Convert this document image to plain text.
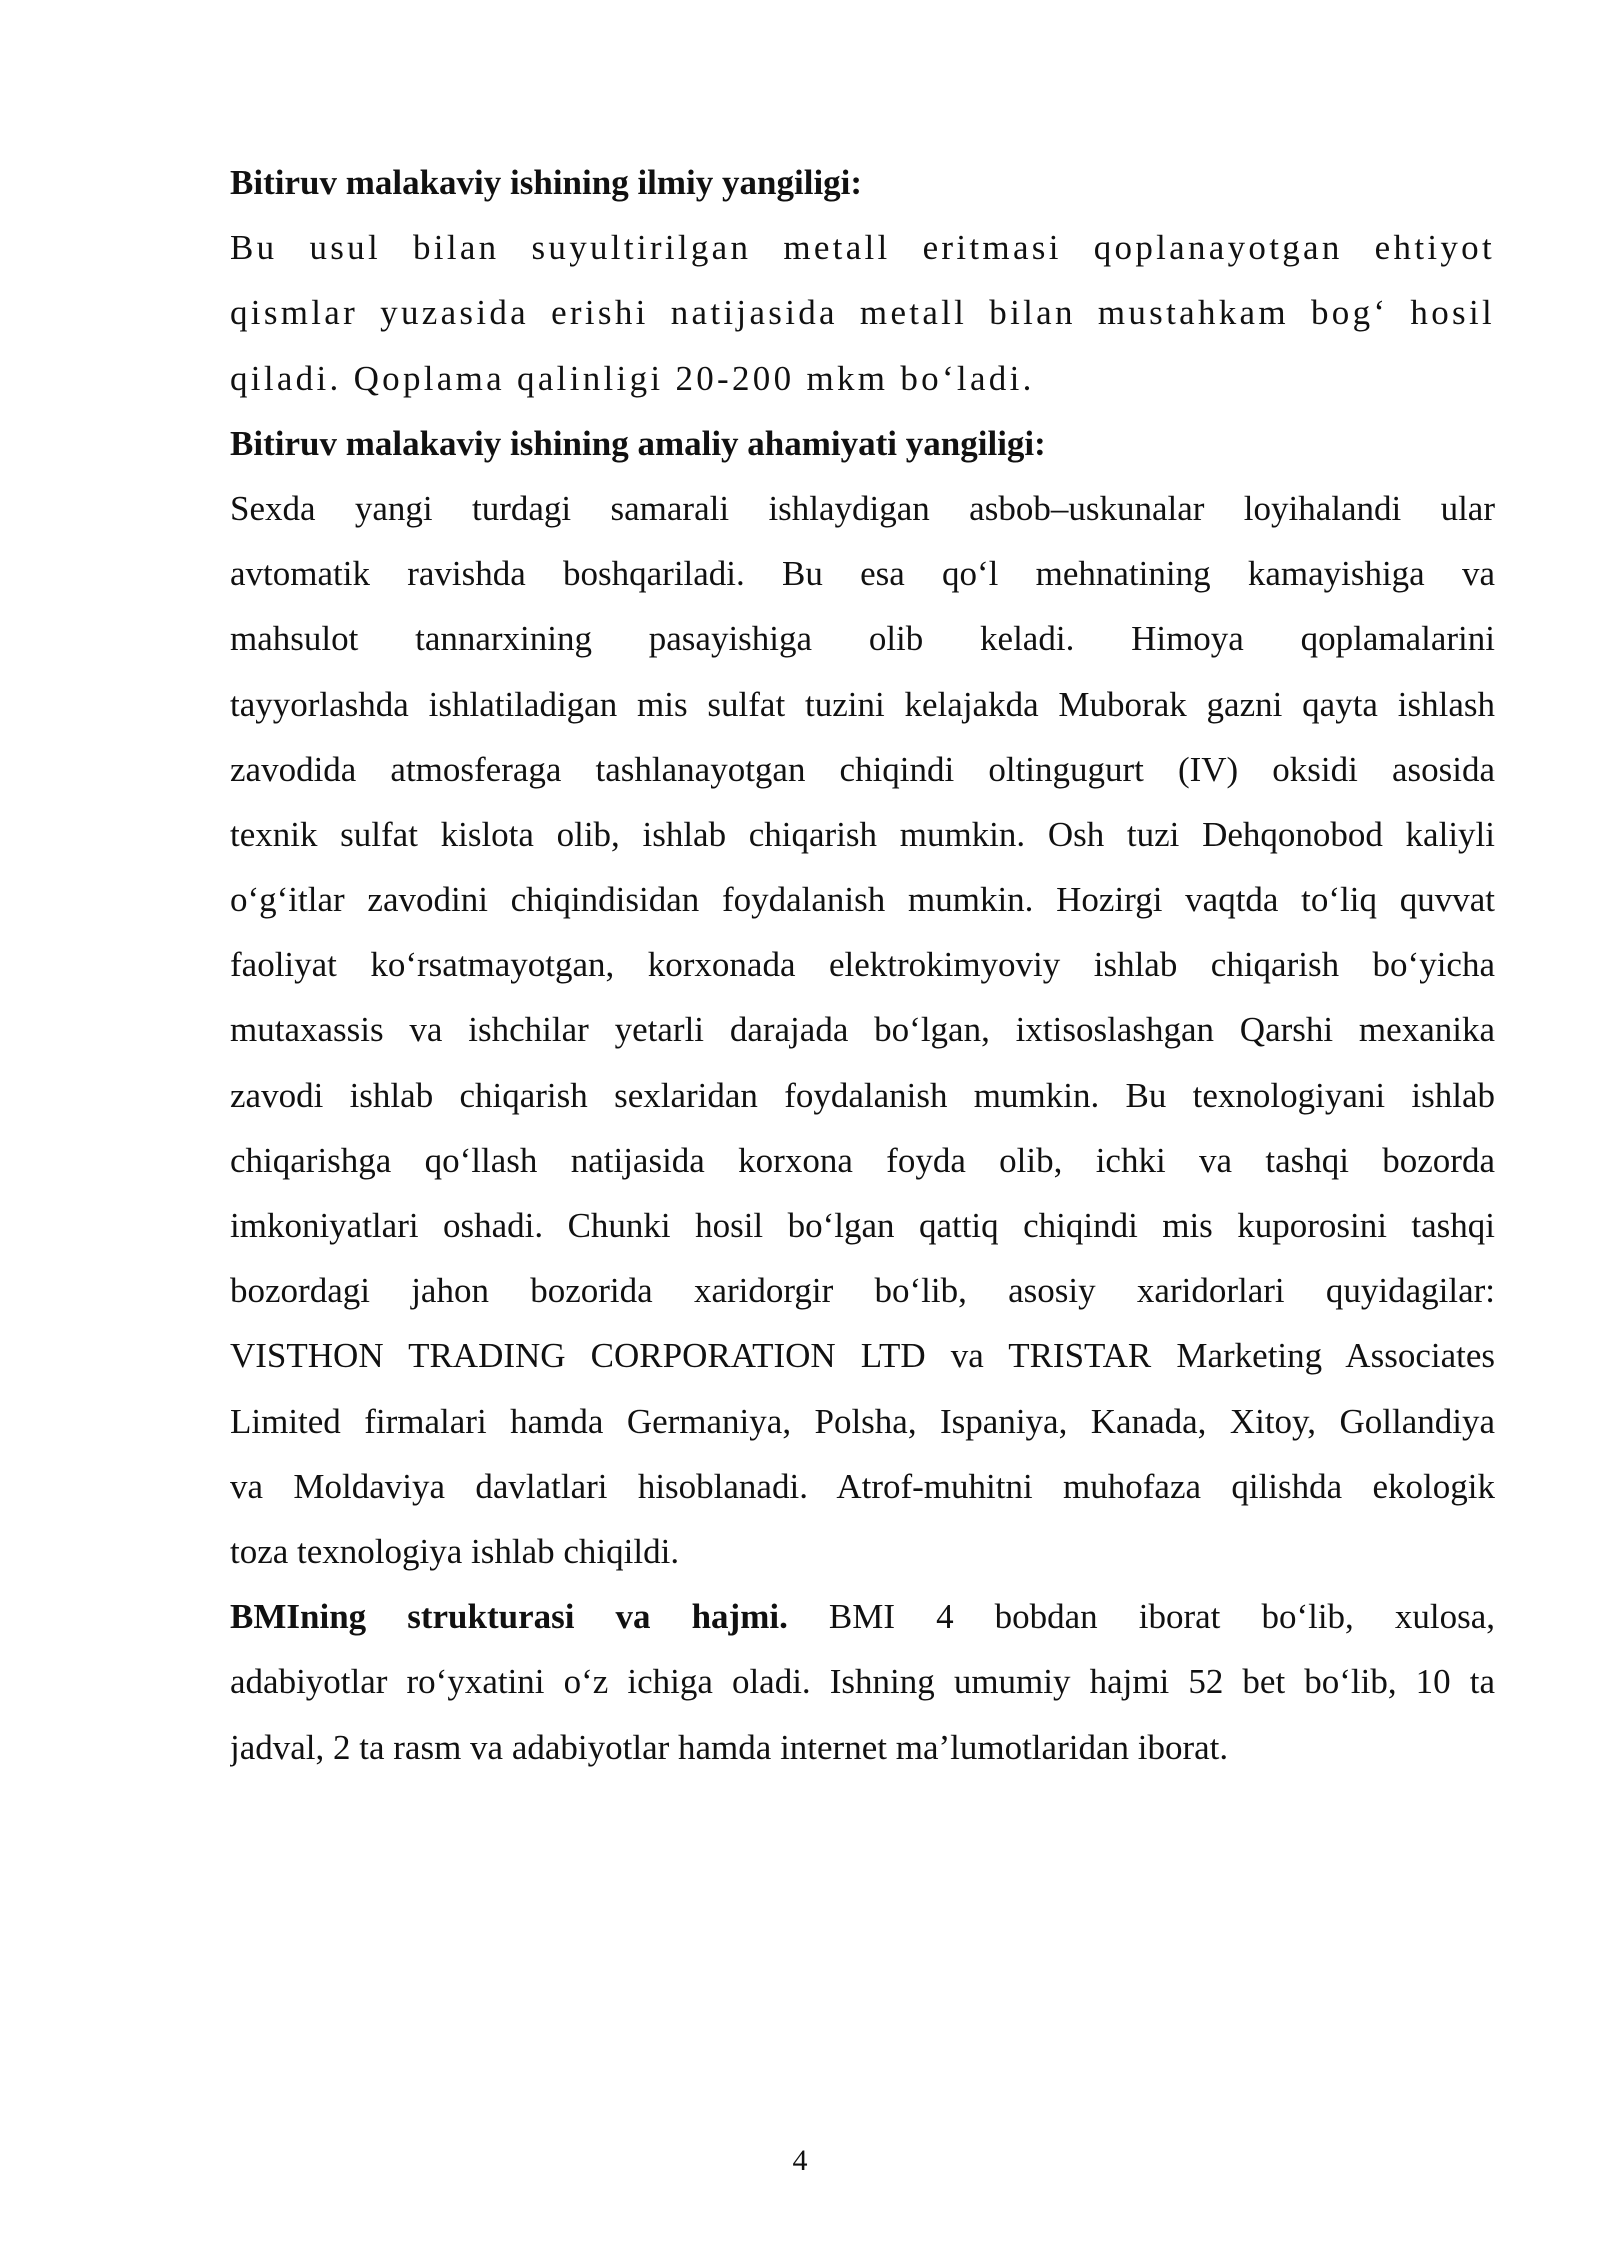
Bitiruv malakaviy ishining ilmiy yangiligi:
Bu usul bilan suyultirilgan metall eritmasi qoplanayotgan ehtiyot
qismlar yuzasida erishi natijasida metall bilan mustahkam bog‘ hosil
qiladi. Qoplama qalinligi 20-200 mkm bo‘ladi.
Bitiruv malakaviy ishining amaliy ahamiyati yangiligi:
Sexda yangi turdagi samarali ishlaydigan asbob–uskunalar loyihalandi ular
avtomatik ravishda boshqariladi. Bu esa qo‘l mehnatining kamayishiga va
mahsulot tannarxining pasayishiga olib keladi. Himoya qoplamalarini
tayyorlashda ishlatiladigan mis sulfat tuzini kelajakda Muborak gazni qayta ishlash
zavodida atmosferaga tashlanayotgan chiqindi oltingugurt (IV) oksidi asosida
texnik sulfat kislota olib, ishlab chiqarish mumkin. Osh tuzi Dehqonobod kaliyli
o‘g‘itlar zavodini chiqindisidan foydalanish mumkin. Hozirgi vaqtda to‘liq quvvat
faoliyat ko‘rsatmayotgan, korxonada elektrokimyoviy ishlab chiqarish bo‘yicha
mutaxassis va ishchilar yetarli darajada bo‘lgan, ixtisoslashgan Qarshi mexanika
zavodi ishlab chiqarish sexlaridan foydalanish mumkin. Bu texnologiyani ishlab
chiqarishga qo‘llash natijasida korxona foyda olib, ichki va tashqi bozorda
imkoniyatlari oshadi. Chunki hosil bo‘lgan qattiq chiqindi mis kuporosini tashqi
bozordagi jahon bozorida xaridorgir bo‘lib, asosiy xaridorlari quyidagilar:
VISTHON TRADING CORPORATION LTD va TRISTAR Marketing Associates
Limited firmalari hamda Germaniya, Polsha, Ispaniya, Kanada, Xitoy, Gollandiya
va Moldaviya davlatlari hisoblanadi. Atrof-muhitni muhofaza qilishda ekologik
toza texnologiya ishlab chiqildi.
BMIning strukturasi va hajmi. BMI 4 bobdan iborat bo‘lib, xulosa,
adabiyotlar ro‘yxatini o‘z ichiga oladi. Ishning umumiy hajmi 52 bet bo‘lib, 10 ta
jadval, 2 ta rasm va adabiyotlar hamda internet ma’lumotlaridan iborat.
4
